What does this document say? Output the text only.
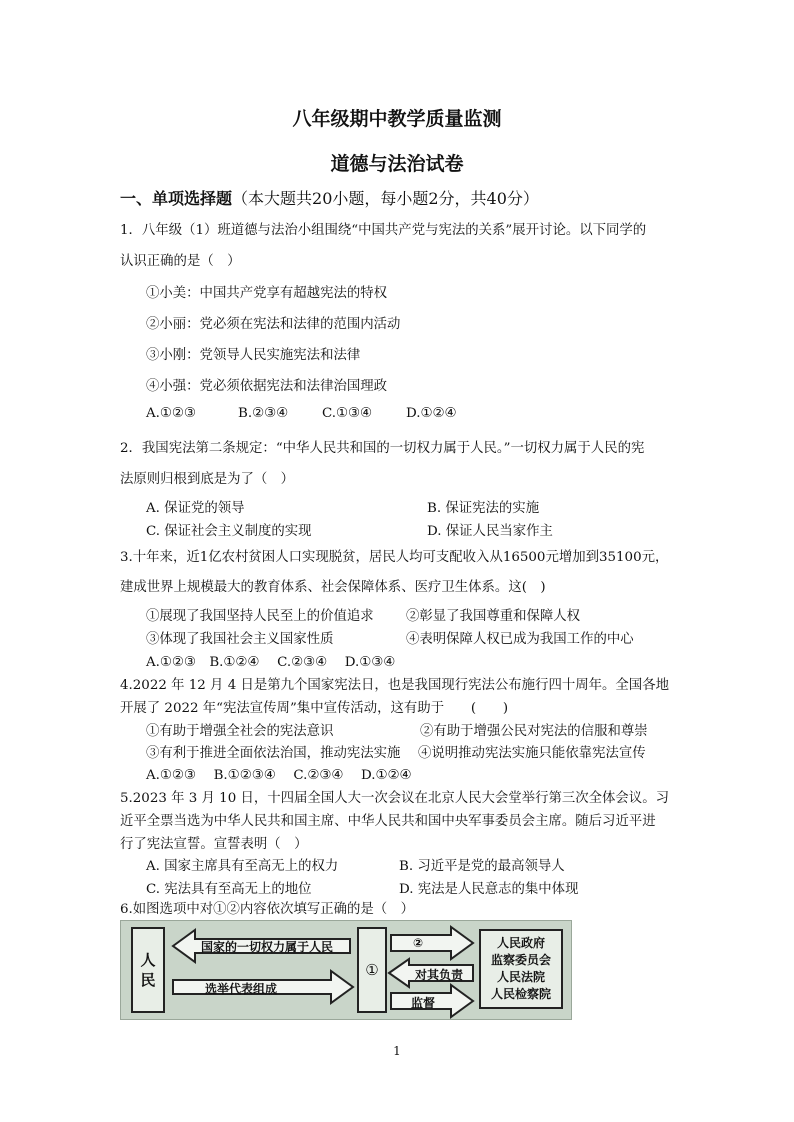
八年级期中教学质量监测
道德与法治试卷
一、单项选择题（本大题共20小题，每小题2分，共40分）
1．八年级（1）班道德与法治小组围绕“中国共产党与宪法的关系”展开讨论。以下同学的
认识正确的是（　）
①小美：中国共产党享有超越宪法的特权
②小丽：党必须在宪法和法律的范围内活动
③小刚：党领导人民实施宪法和法律
④小强：党必须依据宪法和法律治国理政
A.①②③	B.②③④	C.①③④	D.①②④
2．我国宪法第二条规定：“中华人民共和国的一切权力属于人民。”一切权力属于人民的宪
法原则归根到底是为了（　）
A. 保证党的领导	B. 保证宪法的实施
C. 保证社会主义制度的实现	D. 保证人民当家作主
3.十年来，近1亿农村贫困人口实现脱贫，居民人均可支配收入从16500元增加到35100元，
建成世界上规模最大的教育体系、社会保障体系、医疗卫生体系。这(　)
①展现了我国坚持人民至上的价值追求 ②彰显了我国尊重和保障人权
③体现了我国社会主义国家性质	④表明保障人权已成为我国工作的中心
A.①②③　B.①②④　 C.②③④　 D.①③④
4.2022 年 12 月 4 日是第九个国家宪法日，也是我国现行宪法公布施行四十周年。全国各地
开展了 2022 年“宪法宣传周”集中宣传活动，这有助于　　(　　)
①有助于增强全社会的宪法意识	②有助于增强公民对宪法的信服和尊崇
③有利于推进全面依法治国，推动宪法实施 ④说明推动宪法实施只能依靠宪法宣传
A.①②③　 B.①②③④　 C.②③④　 D.①②④
5.2023 年 3 月 10 日，十四届全国人大一次会议在北京人民大会堂举行第三次全体会议。习
近平全票当选为中华人民共和国主席、中华人民共和国中央军事委员会主席。随后习近平进
行了宪法宣誓。宣誓表明（　）
A. 国家主席具有至高无上的权力	B. 习近平是党的最高领导人
C. 宪法具有至高无上的地位	D. 宪法是人民意志的集中体现
6.如图选项中对①②内容依次填写正确的是（　）
人
民
国家的一切权力属于人民
选举代表组成
①
②
对其负责
监督
人民政府
监察委员会
人民法院
人民检察院
1
